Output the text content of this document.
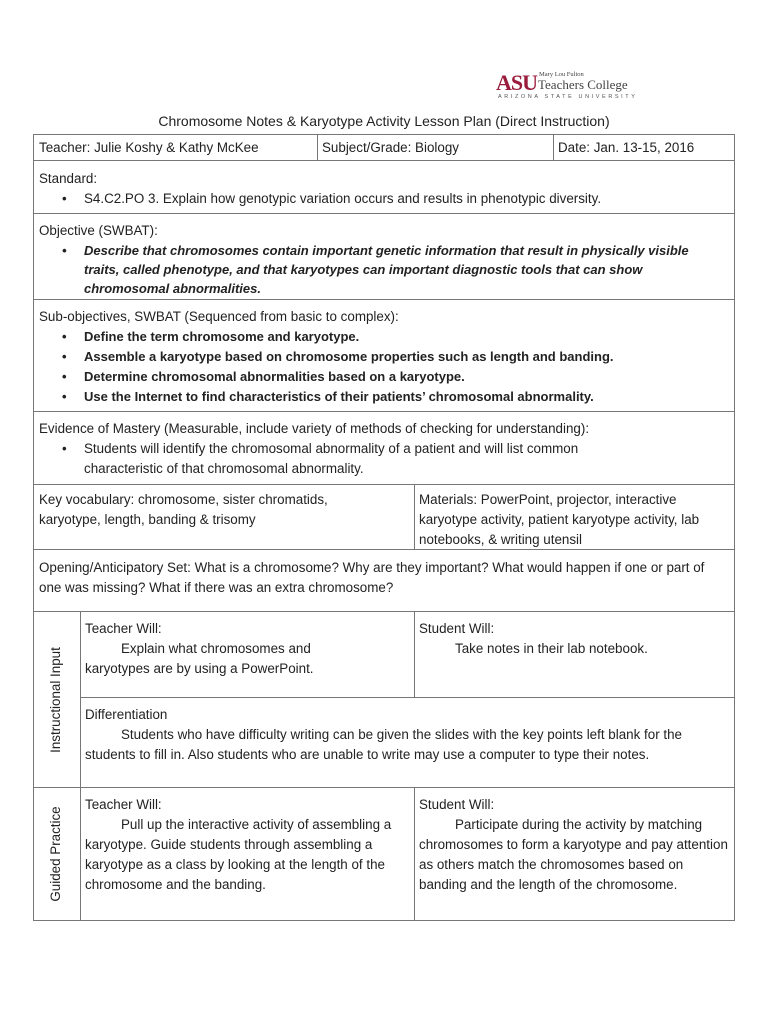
ASU Mary Lou Fulton
Teachers College
ARIZONA STATE UNIVERSITY
Chromosome Notes & Karyotype Activity Lesson Plan (Direct Instruction)
Teacher: Julie Koshy & Kathy McKee	Subject/Grade: Biology	Date: Jan. 13-15, 2016
Standard:
• S4.C2.PO 3. Explain how genotypic variation occurs and results in phenotypic diversity.
Objective (SWBAT):
• Describe that chromosomes contain important genetic information that result in physically visible traits, called phenotype, and that karyotypes can important diagnostic tools that can show chromosomal abnormalities.
Sub-objectives, SWBAT (Sequenced from basic to complex):
• Define the term chromosome and karyotype.
• Assemble a karyotype based on chromosome properties such as length and banding.
• Determine chromosomal abnormalities based on a karyotype.
• Use the Internet to find characteristics of their patients’ chromosomal abnormality.
Evidence of Mastery (Measurable, include variety of methods of checking for understanding):
• Students will identify the chromosomal abnormality of a patient and will list common characteristic of that chromosomal abnormality.
Key vocabulary: chromosome, sister chromatids, karyotype, length, banding & trisomy
Materials: PowerPoint, projector, interactive karyotype activity, patient karyotype activity, lab notebooks, & writing utensil
Opening/Anticipatory Set: What is a chromosome? Why are they important? What would happen if one or part of one was missing? What if there was an extra chromosome?
Instructional Input
Teacher Will:
Explain what chromosomes and karyotypes are by using a PowerPoint.
Student Will:
Take notes in their lab notebook.
Differentiation
Students who have difficulty writing can be given the slides with the key points left blank for the students to fill in. Also students who are unable to write may use a computer to type their notes.
Guided Practice
Teacher Will:
Pull up the interactive activity of assembling a karyotype. Guide students through assembling a karyotype as a class by looking at the length of the chromosome and the banding.
Student Will:
Participate during the activity by matching chromosomes to form a karyotype and pay attention as others match the chromosomes based on banding and the length of the chromosome.
